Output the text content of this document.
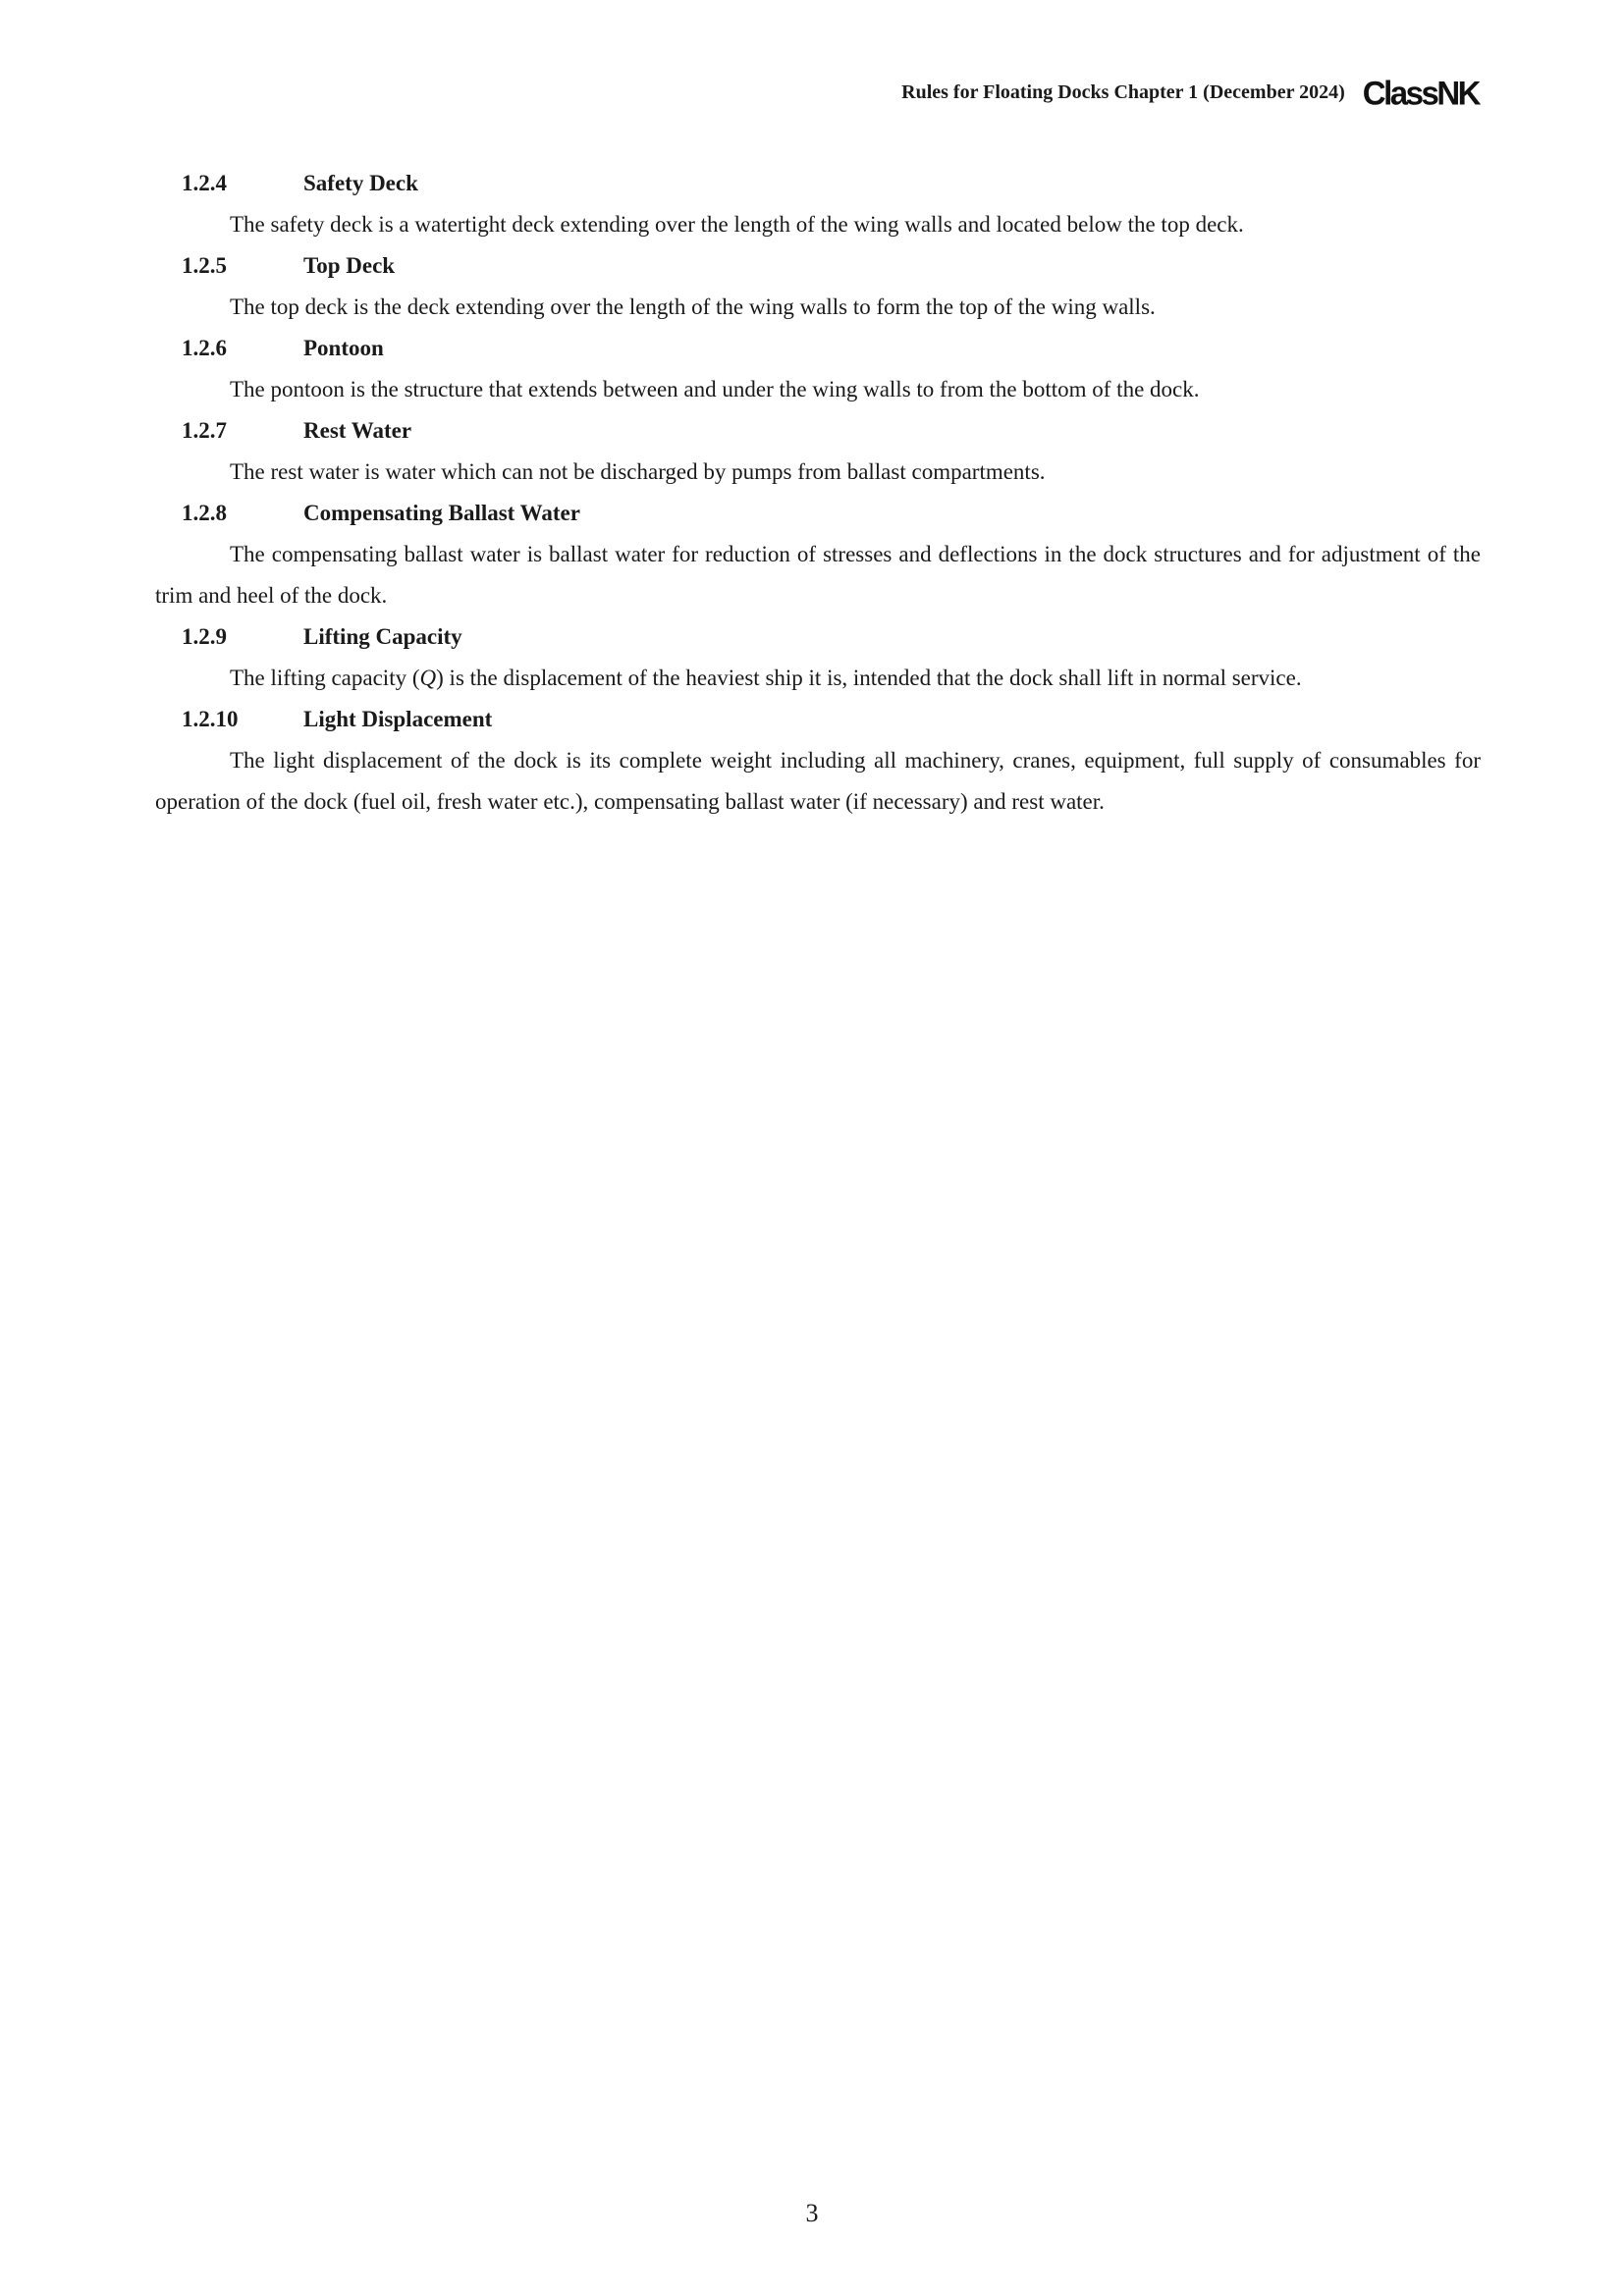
Rules for Floating Docks Chapter 1 (December 2024) ClassNK
1.2.4	Safety Deck

The safety deck is a watertight deck extending over the length of the wing walls and located below the top deck.

1.2.5	Top Deck

The top deck is the deck extending over the length of the wing walls to form the top of the wing walls.

1.2.6	Pontoon

The pontoon is the structure that extends between and under the wing walls to from the bottom of the dock.

1.2.7	Rest Water

The rest water is water which can not be discharged by pumps from ballast compartments.

1.2.8	Compensating Ballast Water

The compensating ballast water is ballast water for reduction of stresses and deflections in the dock structures and for adjustment of the trim and heel of the dock.

1.2.9	Lifting Capacity

The lifting capacity (Q) is the displacement of the heaviest ship it is, intended that the dock shall lift in normal service.

1.2.10	Light Displacement

The light displacement of the dock is its complete weight including all machinery, cranes, equipment, full supply of consumables for operation of the dock (fuel oil, fresh water etc.), compensating ballast water (if necessary) and rest water.

3
